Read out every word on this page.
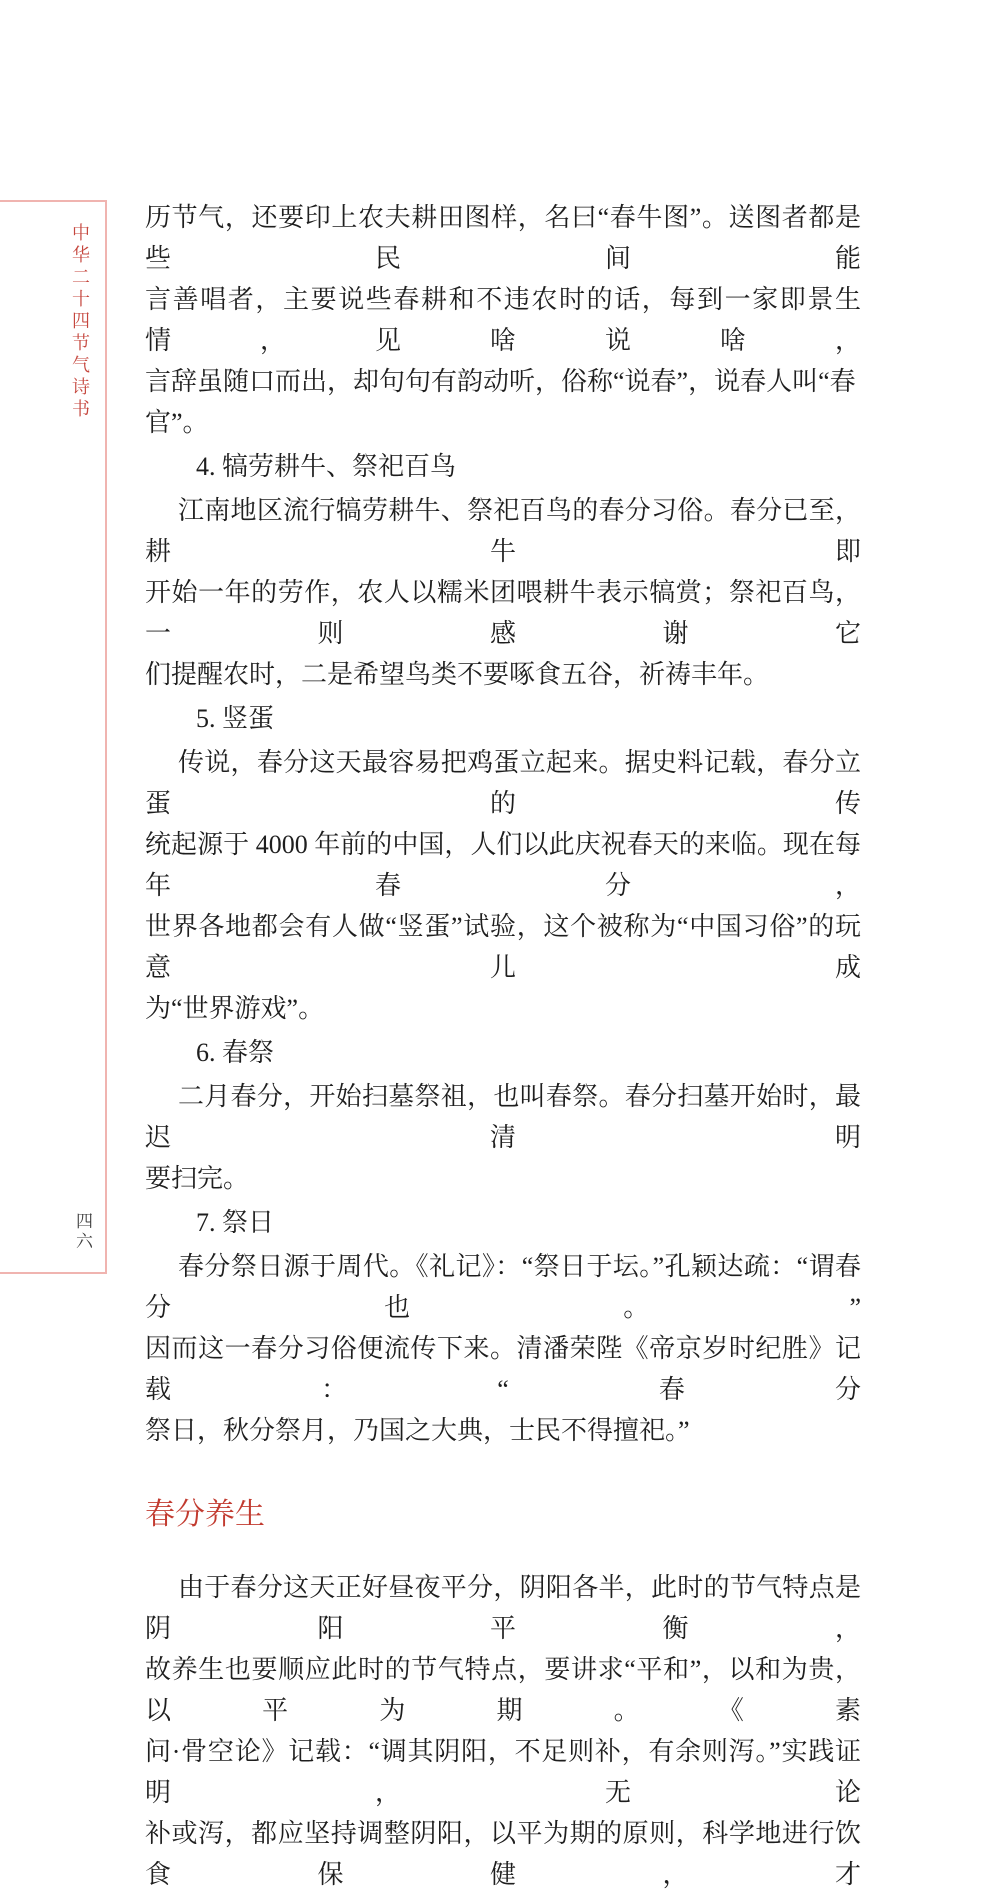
中华二十四节气诗书
四六
历节气，还要印上农夫耕田图样，名曰“春牛图”。送图者都是些民间能
言善唱者，主要说些春耕和不违农时的话，每到一家即景生情，见啥说啥，
言辞虽随口而出，却句句有韵动听，俗称“说春”，说春人叫“春官”。
4. 犒劳耕牛、祭祀百鸟
江南地区流行犒劳耕牛、祭祀百鸟的春分习俗。春分已至，耕牛即
开始一年的劳作，农人以糯米团喂耕牛表示犒赏；祭祀百鸟，一则感谢它
们提醒农时，二是希望鸟类不要啄食五谷，祈祷丰年。
5. 竖蛋
传说，春分这天最容易把鸡蛋立起来。据史料记载，春分立蛋的传
统起源于 4000 年前的中国，人们以此庆祝春天的来临。现在每年春分，
世界各地都会有人做“竖蛋”试验，这个被称为“中国习俗”的玩意儿成
为“世界游戏”。
6. 春祭
二月春分，开始扫墓祭祖，也叫春祭。春分扫墓开始时，最迟清明
要扫完。
7. 祭日
春分祭日源于周代。《礼记》：“祭日于坛。”孔颖达疏：“谓春分也。”
因而这一春分习俗便流传下来。清潘荣陛《帝京岁时纪胜》记载：“春分
祭日，秋分祭月，乃国之大典，士民不得擅祀。”
春分养生
由于春分这天正好昼夜平分，阴阳各半，此时的节气特点是阴阳平衡，
故养生也要顺应此时的节气特点，要讲求“平和”，以和为贵，以平为期。《素
问·骨空论》记载：“调其阴阳，不足则补，有余则泻。”实践证明，无论
补或泻，都应坚持调整阴阳，以平为期的原则，科学地进行饮食保健，才
